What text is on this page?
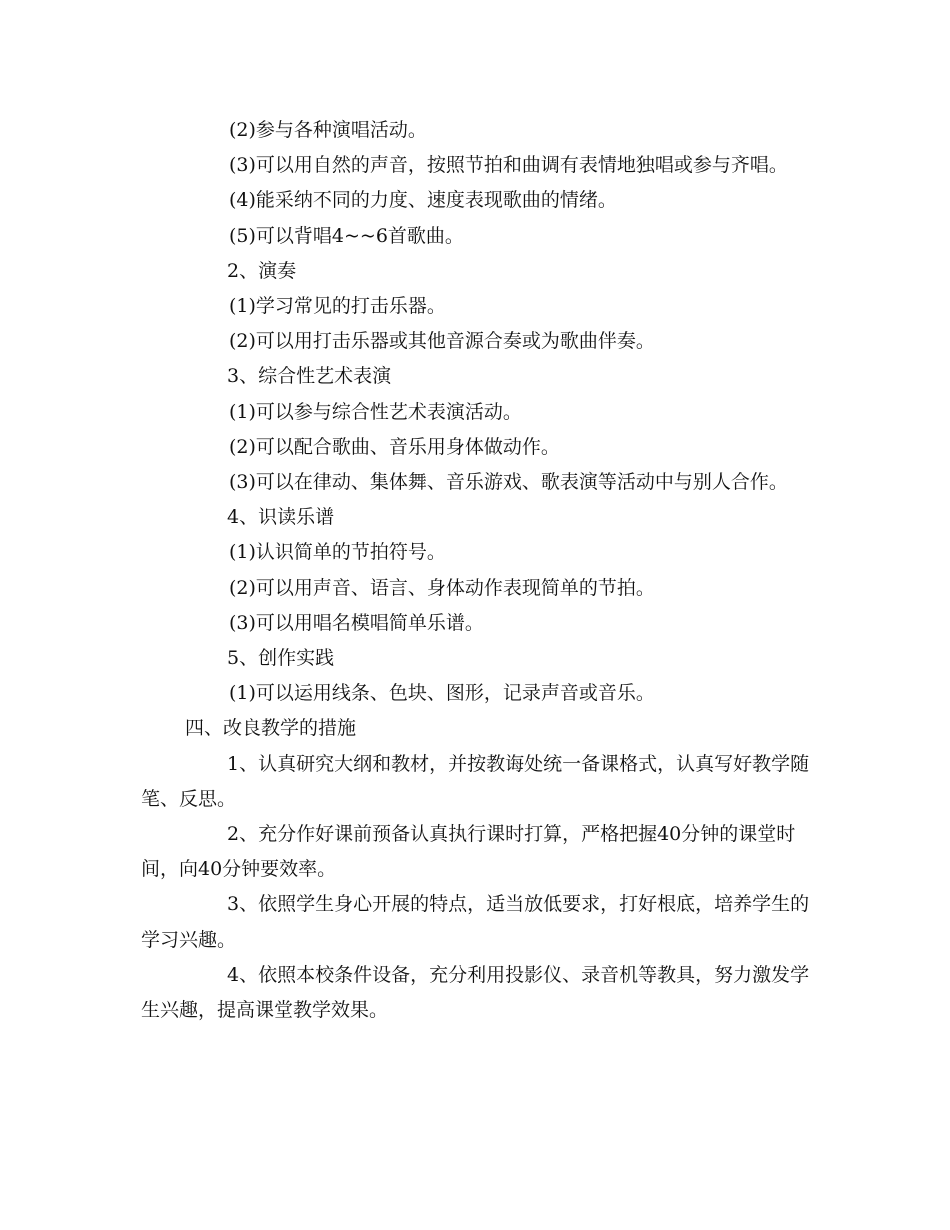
(2)参与各种演唱活动。

(3)可以用自然的声音，按照节拍和曲调有表情地独唱或参与齐唱。

(4)能采纳不同的力度、速度表现歌曲的情绪。

(5)可以背唱4~~6首歌曲。

2、演奏

(1)学习常见的打击乐器。

(2)可以用打击乐器或其他音源合奏或为歌曲伴奏。

3、综合性艺术表演

(1)可以参与综合性艺术表演活动。

(2)可以配合歌曲、音乐用身体做动作。

(3)可以在律动、集体舞、音乐游戏、歌表演等活动中与别人合作。

4、识读乐谱

(1)认识简单的节拍符号。

(2)可以用声音、语言、身体动作表现简单的节拍。

(3)可以用唱名模唱简单乐谱。

5、创作实践

(1)可以运用线条、色块、图形，记录声音或音乐。

四、改良教学的措施

1、认真研究大纲和教材，并按教诲处统一备课格式，认真写好教学随笔、反思。

2、充分作好课前预备认真执行课时打算，严格把握40分钟的课堂时间，向40分钟要效率。

3、依照学生身心开展的特点，适当放低要求，打好根底，培养学生的学习兴趣。

4、依照本校条件设备，充分利用投影仪、录音机等教具，努力激发学生兴趣，提高课堂教学效果。
